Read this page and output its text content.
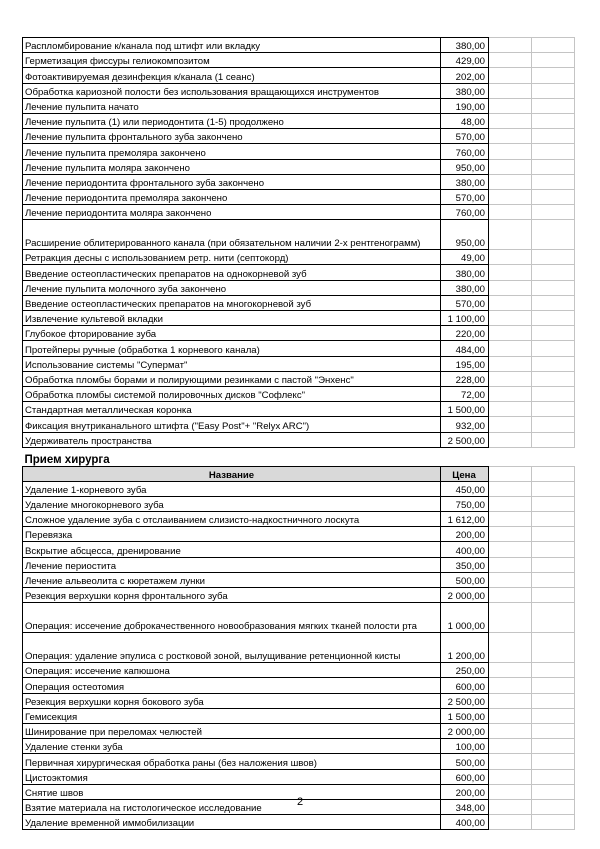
Распломбирование к/канала под штифт или вкладку	380,00		
Герметизация фиссуры гелиокомпозитом	429,00		
Фотоактивируемая дезинфекция к/канала (1 сеанс)	202,00		
Обработка кариозной полости без использования вращающихся инструментов	380,00		
Лечение пульпита начато	190,00		
Лечение пульпита (1) или периодонтита (1-5) продолжено	48,00		
Лечение пульпита фронтального зуба закончено	570,00		
Лечение пульпита премоляра закончено	760,00		
Лечение пульпита моляра закончено	950,00		
Лечение периодонтита фронтального зуба закончено	380,00		
Лечение периодонтита премоляра закончено	570,00		
Лечение периодонтита моляра закончено	760,00		
Расширение облитерированного канала (при обязательном наличии 2-х рентгенограмм)	950,00		
Ретракция десны с использованием ретр. нити (септокорд)	49,00		
Введение остеопластических препаратов на однокорневой зуб	380,00		
Лечение пульпита молочного зуба закончено	380,00		
Введение остеопластических препаратов на многокорневой зуб	570,00		
Извлечение культевой вкладки	1 100,00		
Глубокое фторирование зуба	220,00		
Протейперы ручные (обработка 1 корневого канала)	484,00		
Использование системы "Супермат"	195,00		
Обработка пломбы борами и полирующими резинками с пастой "Энхенс"	228,00		
Обработка пломбы системой полировочных дисков "Софлекс"	72,00		
Стандартная металлическая коронка	1 500,00		
Фиксация внутриканального штифта ("Easy Post"+ "Relyx ARC")	932,00		
Удерживатель пространства	2 500,00		
Прием хирурга			
Название	Цена		
Удаление 1-корневого зуба	450,00		
Удаление многокорневого зуба	750,00		
Сложное удаление зуба с отслаиванием слизисто-надкостничного лоскута	1 612,00		
Перевязка	200,00		
Вскрытие абсцесса, дренирование	400,00		
Лечение периостита	350,00		
Лечение альвеолита с кюретажем лунки	500,00		
Резекция верхушки корня фронтального зуба	2 000,00		
Операция: иссечение доброкачественного новообразования мягких тканей полости рта	1 000,00		
Операция: удаление эпулиса с ростковой зоной, вылущивание ретенционной кисты	1 200,00		
Операция: иссечение капюшона	250,00		
Операция остеотомия	600,00		
Резекция верхушки корня бокового зуба	2 500,00		
Гемисекция	1 500,00		
Шинирование при переломах челюстей	2 000,00		
Удаление стенки зуба	100,00		
Первичная хирургическая обработка раны (без наложения швов)	500,00		
Цистоэктомия	600,00		
Снятие швов	200,00		
Взятие материала на гистологическое исследование	348,00		
Удаление временной иммобилизации	400,00		
2
